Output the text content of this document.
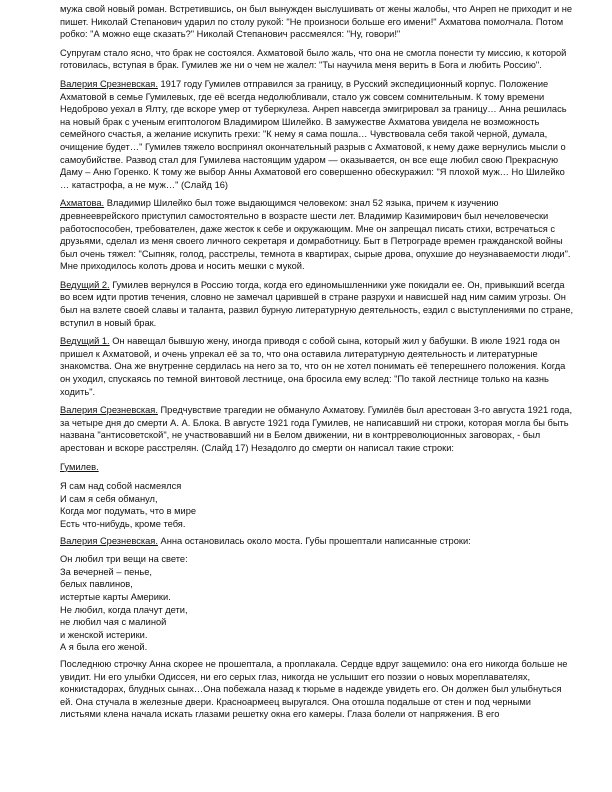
мужа свой новый роман. Встретившись, он был вынужден выслушивать от жены жалобы, что Анреп не приходит и не пишет. Николай Степанович ударил по столу рукой: "Не произноси больше его имени!" Ахматова помолчала. Потом робко: "А можно еще сказать?" Николай Степанович рассмеялся: "Ну, говори!"

Супругам стало ясно, что брак не состоялся. Ахматовой было жаль, что она не смогла понести ту миссию, к которой готовилась, вступая в брак. Гумилев же ни о чем не жалел: "Ты научила меня верить в Бога и любить Россию".

Валерия Срезневская. 1917 году Гумилев отправился за границу, в Русский экспедиционный корпус. Положение Ахматовой в семье Гумилевых, где её всегда недолюбливали, стало уж совсем сомнительным. К тому времени Недоброво уехал в Ялту, где вскоре умер от туберкулеза. Анреп навсегда эмигрировал за границу… Анна решилась на новый брак с ученым египтологом Владимиром Шилейко. В замужестве Ахматова увидела не возможность семейного счастья, а желание искупить грехи: "К нему я сама пошла… Чувствовала себя такой черной, думала, очищение будет…" Гумилев тяжело воспринял окончательный разрыв с Ахматовой, к нему даже вернулись мысли о самоубийстве. Развод стал для Гумилева настоящим ударом — оказывается, он все еще любил свою Прекрасную Даму – Аню Горенко. К тому же выбор Анны Ахматовой его совершенно обескуражил: "Я плохой муж… Но Шилейко … катастрофа, а не муж…" (Слайд 16)

Ахматова. Владимир Шилейко был тоже выдающимся человеком: знал 52 языка, причем к изучению древнееврейского приступил самостоятельно в возрасте шести лет. Владимир Казимирович был нечеловечески работоспособен, требователен, даже жесток к себе и окружающим. Мне он запрещал писать стихи, встречаться с друзьями, сделал из меня своего личного секретаря и домработницу. Быт в Петрограде времен гражданской войны был очень тяжел: "Сыпняк, голод, расстрелы, темнота в квартирах, сырые дрова, опухшие до неузнаваемости люди". Мне приходилось колоть дрова и носить мешки с мукой.

Ведущий 2. Гумилев вернулся в Россию тогда, когда его единомышленники уже покидали ее. Он, привыкший всегда во всем идти против течения, словно не замечал царившей в стране разрухи и нависшей над ним самим угрозы. Он был на взлете своей славы и таланта, развил бурную литературную деятельность, ездил с выступлениями по стране, вступил в новый брак.

Ведущий 1. Он навещал бывшую жену, иногда приводя с собой сына, который жил у бабушки. В июле 1921 года он пришел к Ахматовой, и очень упрекал её за то, что она оставила литературную деятельность и литературные знакомства. Она же внутренне сердилась на него за то, что он не хотел понимать её теперешнего положения. Когда он уходил, спускаясь по темной винтовой лестнице, она бросила ему вслед: "По такой лестнице только на казнь ходить".

Валерия Срезневская. Предчувствие трагедии не обмануло Ахматову. Гумилёв был арестован 3-го августа 1921 года, за четыре дня до смерти А. А. Блока. В августе 1921 года Гумилев, не написавший ни строки, которая могла бы быть названа "антисоветской", не участвовавший ни в Белом движении, ни в контрреволюционных заговорах, - был арестован и вскоре расстрелян. (Слайд 17) Незадолго до смерти он написал такие строки:

Гумилев.
Я сам над собой насмеялся
И сам я себя обманул,
Когда мог подумать, что в мире
Есть что-нибудь, кроме тебя.

Валерия Срезневская. Анна остановилась около моста. Губы прошептали написанные строки:

Он любил три вещи на свете:
За вечерней – пенье,
белых павлинов,
истертые карты Америки.
Не любил, когда плачут дети,
не любил чая с малиной
и женской истерики.
А я была его женой.

Последнюю строчку Анна скорее не прошептала, а проплакала. Сердце вдруг защемило: она его никогда больше не увидит. Ни его улыбки Одиссея, ни его серых глаз, никогда не услышит его поэзии о новых мореплавателях, конкистадорах, блудных сынах…Она побежала назад к тюрьме в надежде увидеть его. Он должен был улыбнуться ей. Она стучала в железные двери. Красноармеец выругался. Она отошла подальше от стен и под черными листьями клена начала искать глазами решетку окна его камеры. Глаза болели от напряжения. В его
